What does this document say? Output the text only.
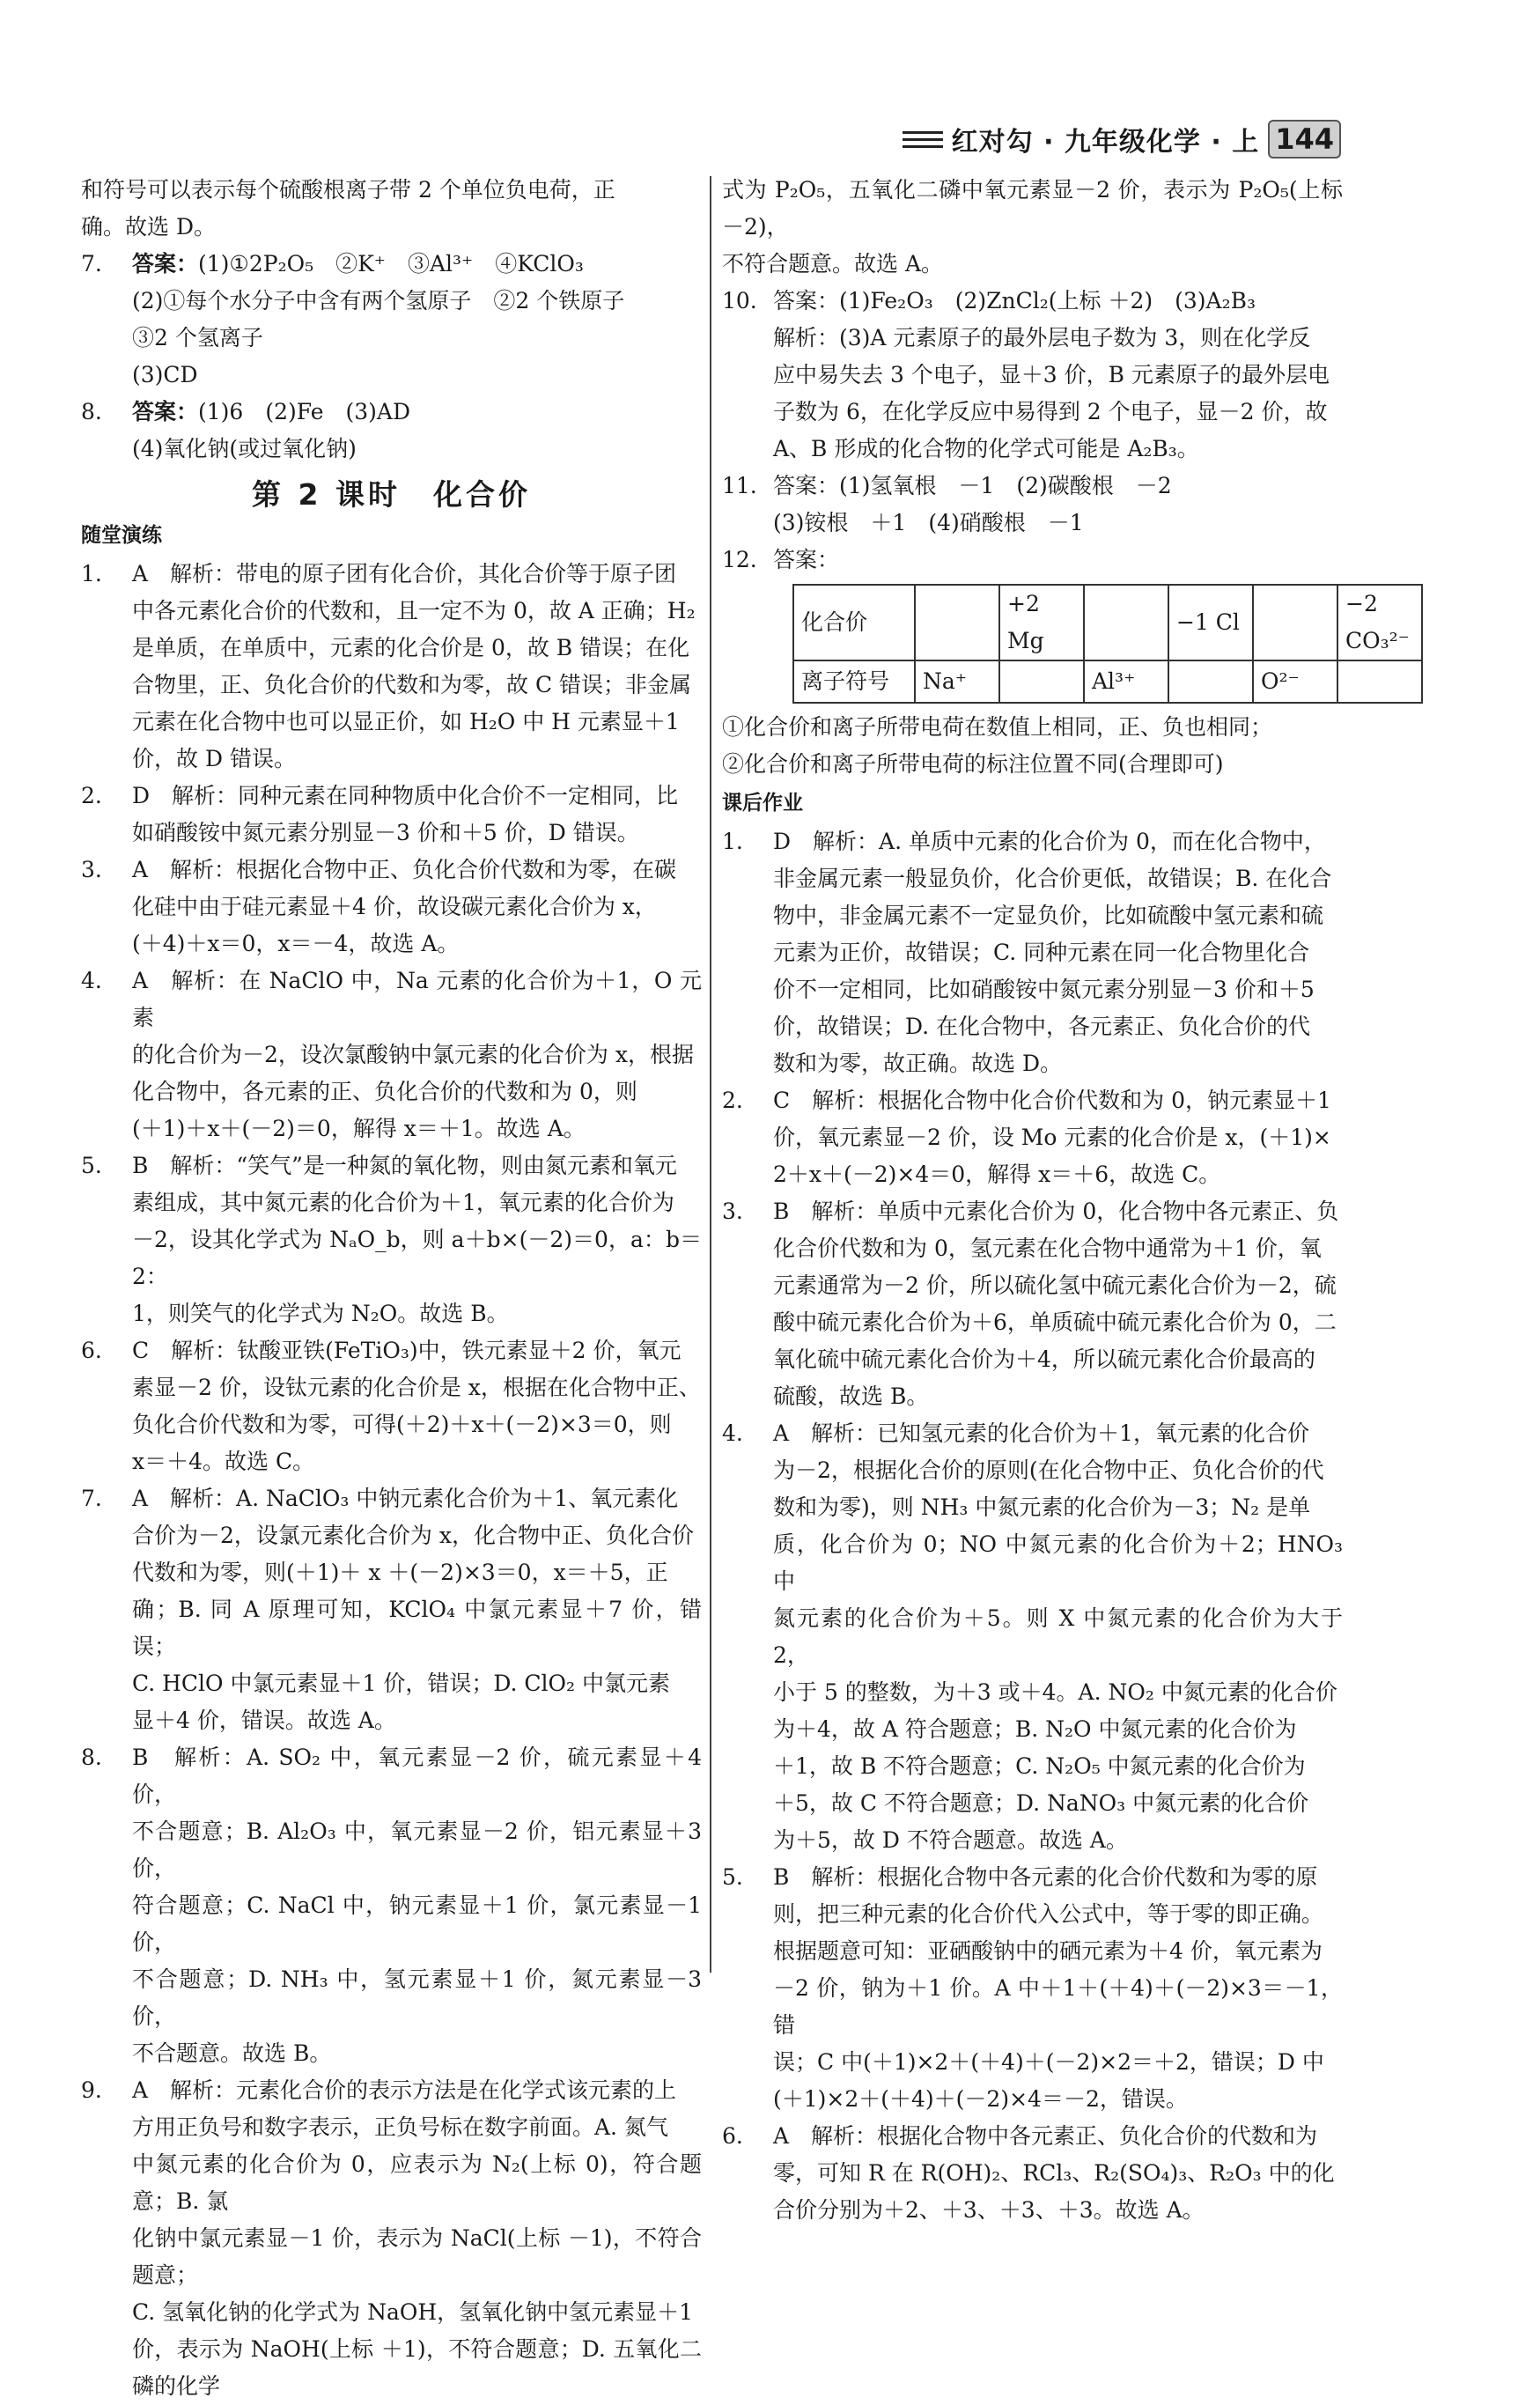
红对勾 · 九年级化学 · 上 144
和符号可以表示每个硫酸根离子带 2 个单位负电荷，正
确。故选 D。
7. 答案：(1)①2P₂O₅　②K⁺　③Al³⁺　④KClO₃
(2)①每个水分子中含有两个氢原子　②2 个铁原子
③2 个氢离子
(3)CD
8. 答案：(1)6　(2)Fe　(3)AD
(4)氧化钠(或过氧化钠)
第 2 课时　化合价
随堂演练
1. A　解析：带电的原子团有化合价，其化合价等于原子团
中各元素化合价的代数和，且一定不为 0，故 A 正确；H₂
是单质，在单质中，元素的化合价是 0，故 B 错误；在化
合物里，正、负化合价的代数和为零，故 C 错误；非金属
元素在化合物中也可以显正价，如 H₂O 中 H 元素显＋1
价，故 D 错误。
2. D　解析：同种元素在同种物质中化合价不一定相同，比
如硝酸铵中氮元素分别显－3 价和＋5 价，D 错误。
3. A　解析：根据化合物中正、负化合价代数和为零，在碳
化硅中由于硅元素显＋4 价，故设碳元素化合价为 x，
(＋4)＋x＝0，x＝－4，故选 A。
4. A　解析：在 NaClO 中，Na 元素的化合价为＋1，O 元素
的化合价为－2，设次氯酸钠中氯元素的化合价为 x，根据
化合物中，各元素的正、负化合价的代数和为 0，则
(＋1)＋x＋(－2)＝0，解得 x＝＋1。故选 A。
5. B　解析：“笑气”是一种氮的氧化物，则由氮元素和氧元
素组成，其中氮元素的化合价为＋1，氧元素的化合价为
－2，设其化学式为 NₐO_b，则 a＋b×(－2)＝0，a：b＝2：
1，则笑气的化学式为 N₂O。故选 B。
6. C　解析：钛酸亚铁(FeTiO₃)中，铁元素显＋2 价，氧元
素显－2 价，设钛元素的化合价是 x，根据在化合物中正、
负化合价代数和为零，可得(＋2)＋x＋(－2)×3＝0，则
x＝＋4。故选 C。
7. A　解析：A. NaClO₃ 中钠元素化合价为＋1、氧元素化
合价为－2，设氯元素化合价为 x，化合物中正、负化合价
代数和为零，则(＋1)＋ x ＋(－2)×3＝0，x＝＋5，正
确；B. 同 A 原理可知，KClO₄ 中氯元素显＋7 价，错误；
C. HClO 中氯元素显＋1 价，错误；D. ClO₂ 中氯元素
显＋4 价，错误。故选 A。
8. B　解析：A. SO₂ 中，氧元素显－2 价，硫元素显＋4 价，
不合题意；B. Al₂O₃ 中，氧元素显－2 价，铝元素显＋3 价，
符合题意；C. NaCl 中，钠元素显＋1 价，氯元素显－1 价，
不合题意；D. NH₃ 中，氢元素显＋1 价，氮元素显－3 价，
不合题意。故选 B。
9. A　解析：元素化合价的表示方法是在化学式该元素的上
方用正负号和数字表示，正负号标在数字前面。A. 氮气
中氮元素的化合价为 0，应表示为 N₂(上标 0)，符合题意；B. 氯
化钠中氯元素显－1 价，表示为 NaCl(上标 －1)，不符合题意；
C. 氢氧化钠的化学式为 NaOH，氢氧化钠中氢元素显＋1
价，表示为 NaOH(上标 ＋1)，不符合题意；D. 五氧化二磷的化学
式为 P₂O₅，五氧化二磷中氧元素显－2 价，表示为 P₂O₅(上标 －2)，
不符合题意。故选 A。
10. 答案：(1)Fe₂O₃　(2)ZnCl₂(上标 ＋2)　(3)A₂B₃
解析：(3)A 元素原子的最外层电子数为 3，则在化学反
应中易失去 3 个电子，显＋3 价，B 元素原子的最外层电
子数为 6，在化学反应中易得到 2 个电子，显－2 价，故
A、B 形成的化合物的化学式可能是 A₂B₃。
11. 答案：(1)氢氧根　－1　(2)碳酸根　－2
(3)铵根　＋1　(4)硝酸根　－1
12. 答案：
化合价		+2 Mg		−1 Cl		−2 CO₃²⁻
离子符号	Na⁺		Al³⁺		O²⁻	
①化合价和离子所带电荷在数值上相同，正、负也相同；
②化合价和离子所带电荷的标注位置不同(合理即可)
课后作业
1. D　解析：A. 单质中元素的化合价为 0，而在化合物中，
非金属元素一般显负价，化合价更低，故错误；B. 在化合
物中，非金属元素不一定显负价，比如硫酸中氢元素和硫
元素为正价，故错误；C. 同种元素在同一化合物里化合
价不一定相同，比如硝酸铵中氮元素分别显－3 价和＋5
价，故错误；D. 在化合物中，各元素正、负化合价的代
数和为零，故正确。故选 D。
2. C　解析：根据化合物中化合价代数和为 0，钠元素显＋1
价，氧元素显－2 价，设 Mo 元素的化合价是 x，(＋1)×
2＋x＋(－2)×4＝0，解得 x＝＋6，故选 C。
3. B　解析：单质中元素化合价为 0，化合物中各元素正、负
化合价代数和为 0，氢元素在化合物中通常为＋1 价，氧
元素通常为－2 价，所以硫化氢中硫元素化合价为－2，硫
酸中硫元素化合价为＋6，单质硫中硫元素化合价为 0，二
氧化硫中硫元素化合价为＋4，所以硫元素化合价最高的
硫酸，故选 B。
4. A　解析：已知氢元素的化合价为＋1，氧元素的化合价
为－2，根据化合价的原则(在化合物中正、负化合价的代
数和为零)，则 NH₃ 中氮元素的化合价为－3；N₂ 是单
质，化合价为 0；NO 中氮元素的化合价为＋2；HNO₃ 中
氮元素的化合价为＋5。则 X 中氮元素的化合价为大于 2，
小于 5 的整数，为＋3 或＋4。A. NO₂ 中氮元素的化合价
为＋4，故 A 符合题意；B. N₂O 中氮元素的化合价为
＋1，故 B 不符合题意；C. N₂O₅ 中氮元素的化合价为
＋5，故 C 不符合题意；D. NaNO₃ 中氮元素的化合价
为＋5，故 D 不符合题意。故选 A。
5. B　解析：根据化合物中各元素的化合价代数和为零的原
则，把三种元素的化合价代入公式中，等于零的即正确。
根据题意可知：亚硒酸钠中的硒元素为＋4 价，氧元素为
－2 价，钠为＋1 价。A 中＋1＋(＋4)＋(－2)×3＝－1，错
误；C 中(＋1)×2＋(＋4)＋(－2)×2＝＋2，错误；D 中
(＋1)×2＋(＋4)＋(－2)×4＝－2，错误。
6. A　解析：根据化合物中各元素正、负化合价的代数和为
零，可知 R 在 R(OH)₂、RCl₃、R₂(SO₄)₃、R₂O₃ 中的化
合价分别为＋2、＋3、＋3、＋3。故选 A。
